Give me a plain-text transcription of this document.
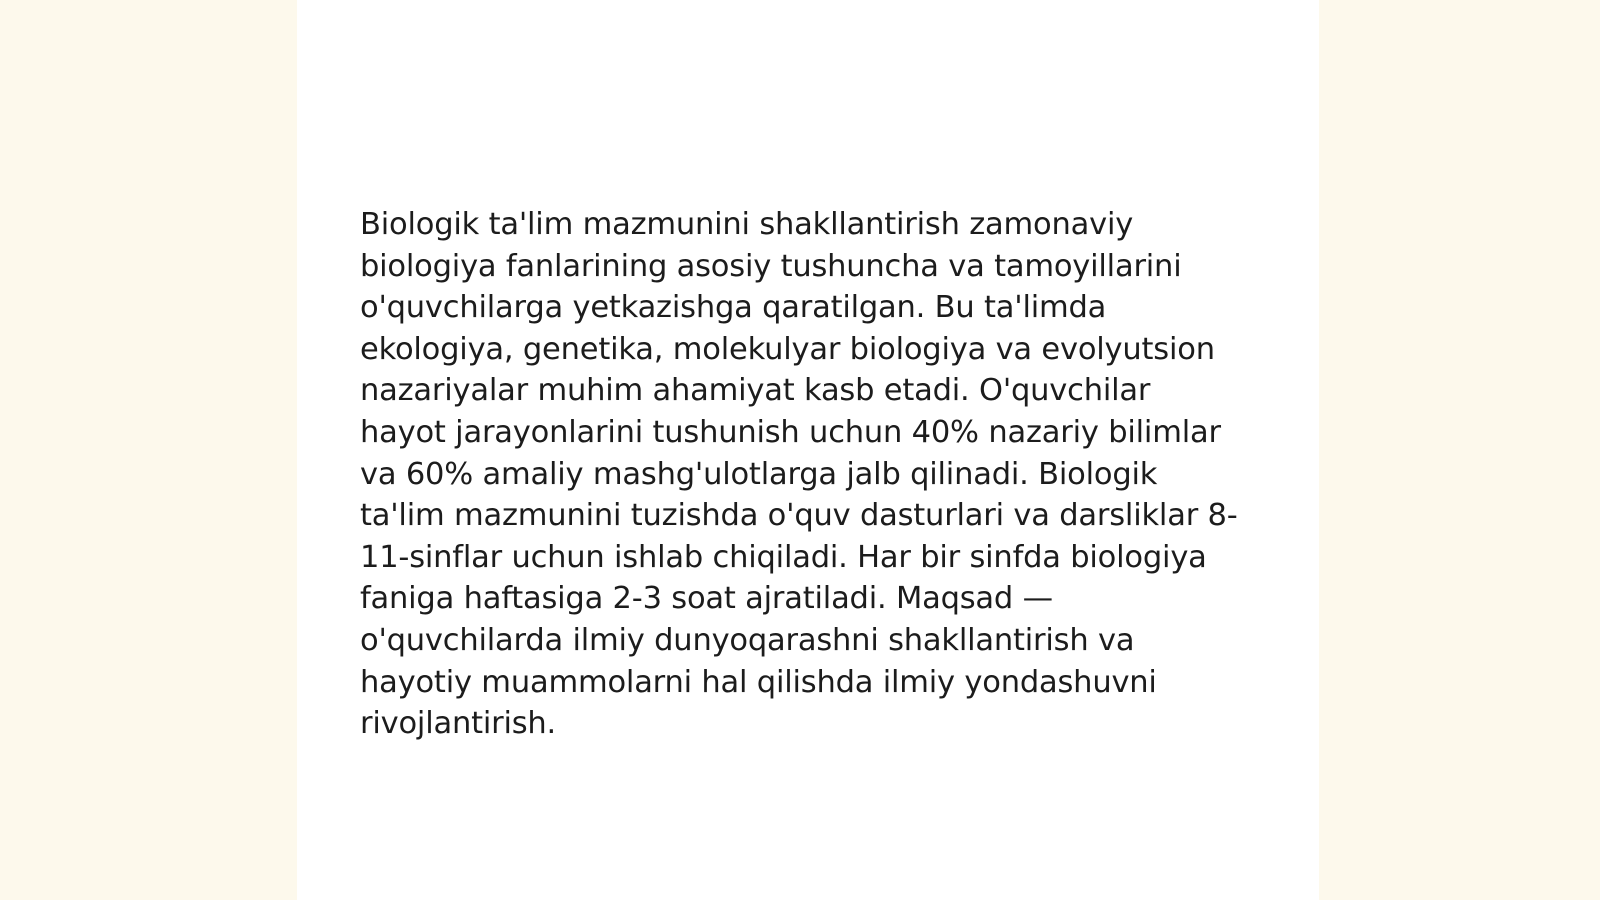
Biologik ta'lim mazmunini shakllantirish zamonaviy biologiya fanlarining asosiy tushuncha va tamoyillarini o'quvchilarga yetkazishga qaratilgan. Bu ta'limda ekologiya, genetika, molekulyar biologiya va evolyutsion nazariyalar muhim ahamiyat kasb etadi. O'quvchilar hayot jarayonlarini tushunish uchun 40% nazariy bilimlar va 60% amaliy mashg'ulotlarga jalb qilinadi. Biologik ta'lim mazmunini tuzishda o'quv dasturlari va darsliklar 8-11-sinflar uchun ishlab chiqiladi. Har bir sinfda biologiya faniga haftasiga 2-3 soat ajratiladi. Maqsad — o'quvchilarda ilmiy dunyoqarashni shakllantirish va hayotiy muammolarni hal qilishda ilmiy yondashuvni rivojlantirish.
